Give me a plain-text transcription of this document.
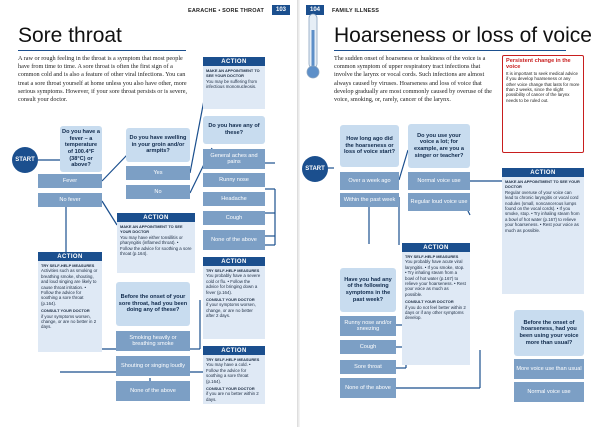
EARACHE • SORE THROAT	103
Sore throat
A raw or rough feeling in the throat is a symptom that most people have from time to time. A sore throat is often the first sign of a common cold and is also a feature of other viral infections. You can treat a sore throat yourself at home unless you also have other, more serious symptoms. However, if your sore throat persists or is severe, consult your doctor.
START
Do you have a fever – a temperature of 100.4°F (38°C) or above?
Fever
No fever
Do you have swelling in your groin and/or armpits?
Yes
No
ACTION
MAKE AN APPOINTMENT TO SEE YOUR DOCTOR
You may be suffering from infectious mononucleosis.
Do you have any of these?
General aches and pains
Runny nose
Headache
Cough
None of the above
ACTION
MAKE AN APPOINTMENT TO SEE YOUR DOCTOR
You may have either tonsillitis or pharyngitis (inflamed throat). • Follow the advice for soothing a sore throat (p.164).
ACTION
TRY SELF-HELP MEASURES
Activities such as smoking or breathing smoke, shouting, and loud singing are likely to cause throat irritation. • Follow the advice for soothing a sore throat (p.164).
CONSULT YOUR DOCTOR
if your symptoms worsen, change, or are no better in 2 days.
Before the onset of your sore throat, had you been doing any of these?
Smoking heavily or breathing smoke
Shouting or singing loudly
None of the above
ACTION
TRY SELF-HELP MEASURES
You probably have a severe cold or flu. • Follow the advice for bringing down a fever (p.164).
CONSULT YOUR DOCTOR
if your symptoms worsen, change, or are no better after 2 days.
ACTION
TRY SELF-HELP MEASURES
You may have a cold. • Follow the advice for soothing a sore throat (p.164).
CONSULT YOUR DOCTOR
if you are no better within 2 days.
104	FAMILY ILLNESS
Hoarseness or loss of voice
The sudden onset of hoarseness or huskiness of the voice is a common symptom of upper respiratory tract infections that involve the larynx or vocal cords. Such infections are almost always caused by viruses. Hoarseness and loss of voice that develop gradually are most commonly caused by overuse of the voice, smoking, or, rarely, cancer of the larynx.
Persistent change in the voice
It is important to seek medical advice if you develop hoarseness or any other voice change that lasts for more than 2 weeks, since the slight possibility of cancer of the larynx needs to be ruled out.
START
How long ago did the hoarseness or loss of voice start?
Over a week ago
Within the past week
Do you use your voice a lot; for example, are you a singer or teacher?
Normal voice use
Regular loud voice use
ACTION
MAKE AN APPOINTMENT TO SEE YOUR DOCTOR
Regular overuse of your voice can lead to chronic laryngitis or vocal cord nodules (small, noncancerous lumps found on the vocal cords). • If you smoke, stop. • Try inhaling steam from a bowl of hot water (p.167) to relieve your hoarseness. • Rest your voice as much as possible.
ACTION
TRY SELF-HELP MEASURES
You probably have acute viral laryngitis. • If you smoke, stop. • Try inhaling steam from a bowl of hot water (p.167) to relieve your hoarseness. • Rest your voice as much as possible.
CONSULT YOUR DOCTOR
if you do not feel better within 2 days or if any other symptoms develop.
Have you had any of the following symptoms in the past week?
Runny nose and/or sneezing
Cough
Sore throat
None of the above
Before the onset of hoarseness, had you been using your voice more than usual?
More voice use than usual
Normal voice use
